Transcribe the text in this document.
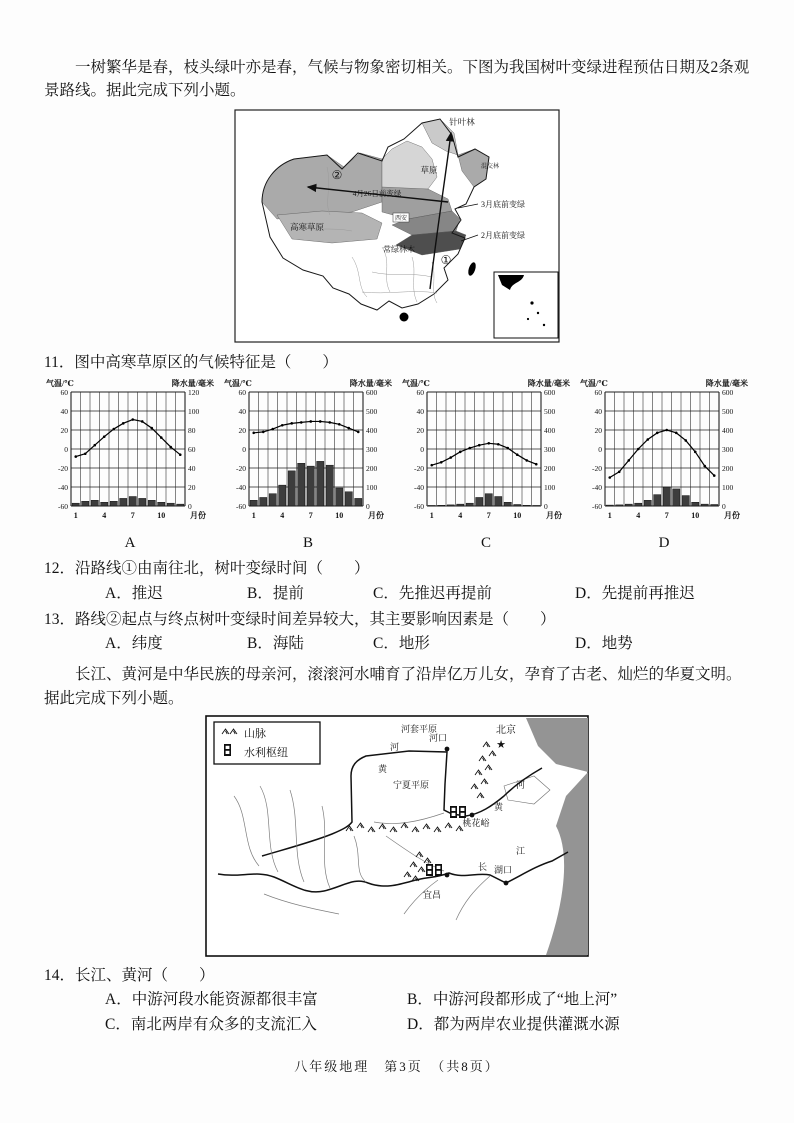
一树繁华是春，枝头绿叶亦是春，气候与物象密切相关。下图为我国树叶变绿进程预估日期及2条观景路线。据此完成下列小题。

针叶林
草原	混交林
4月26日前变绿
3月底前变绿
2月底前变绿
高寒草原
常绿林木
西安
①
②
11．图中高寒草原区的气候特征是（　　）
60	120
40	100
20	80
0	60
-20	40
-40	20
-60	0
气温/℃	降水量/毫米
1	4	7	10	月份
A
60	600
40	500
20	400
0	300
-20	200
-40	100
-60	0
气温/℃	降水量/毫米
1	4	7	10	月份
B
60	600
40	500
20	400
0	300
-20	200
-40	100
-60	0
气温/℃	降水量/毫米
1	4	7	10	月份
C
60	600
40	500
20	400
0	300
-20	200
-40	100
-60	0
气温/℃	降水量/毫米
1	4	7	10	月份
D
12．沿路线①由南往北，树叶变绿时间（　　）
A．推迟	B．提前	C．先推迟再提前	D．先提前再推迟
13．路线②起点与终点树叶变绿时间差异较大，其主要影响因素是（　　）
A．纬度	B．海陆	C．地形	D．地势

长江、黄河是中华民族的母亲河，滚滚河水哺育了沿岸亿万儿女，孕育了古老、灿烂的华夏文明。据此完成下列小题。

山脉
水利枢纽
河套平原
河口
北京
★
河
黄
宁夏平原
桃花峪
黄
河
长 湖口
江
宜昌
14．长江、黄河（　　）
A．中游河段水能资源都很丰富	B．中游河段都形成了“地上河”
C．南北两岸有众多的支流汇入	D．都为两岸农业提供灌溉水源
八年级地理　第3页　（共8页）
